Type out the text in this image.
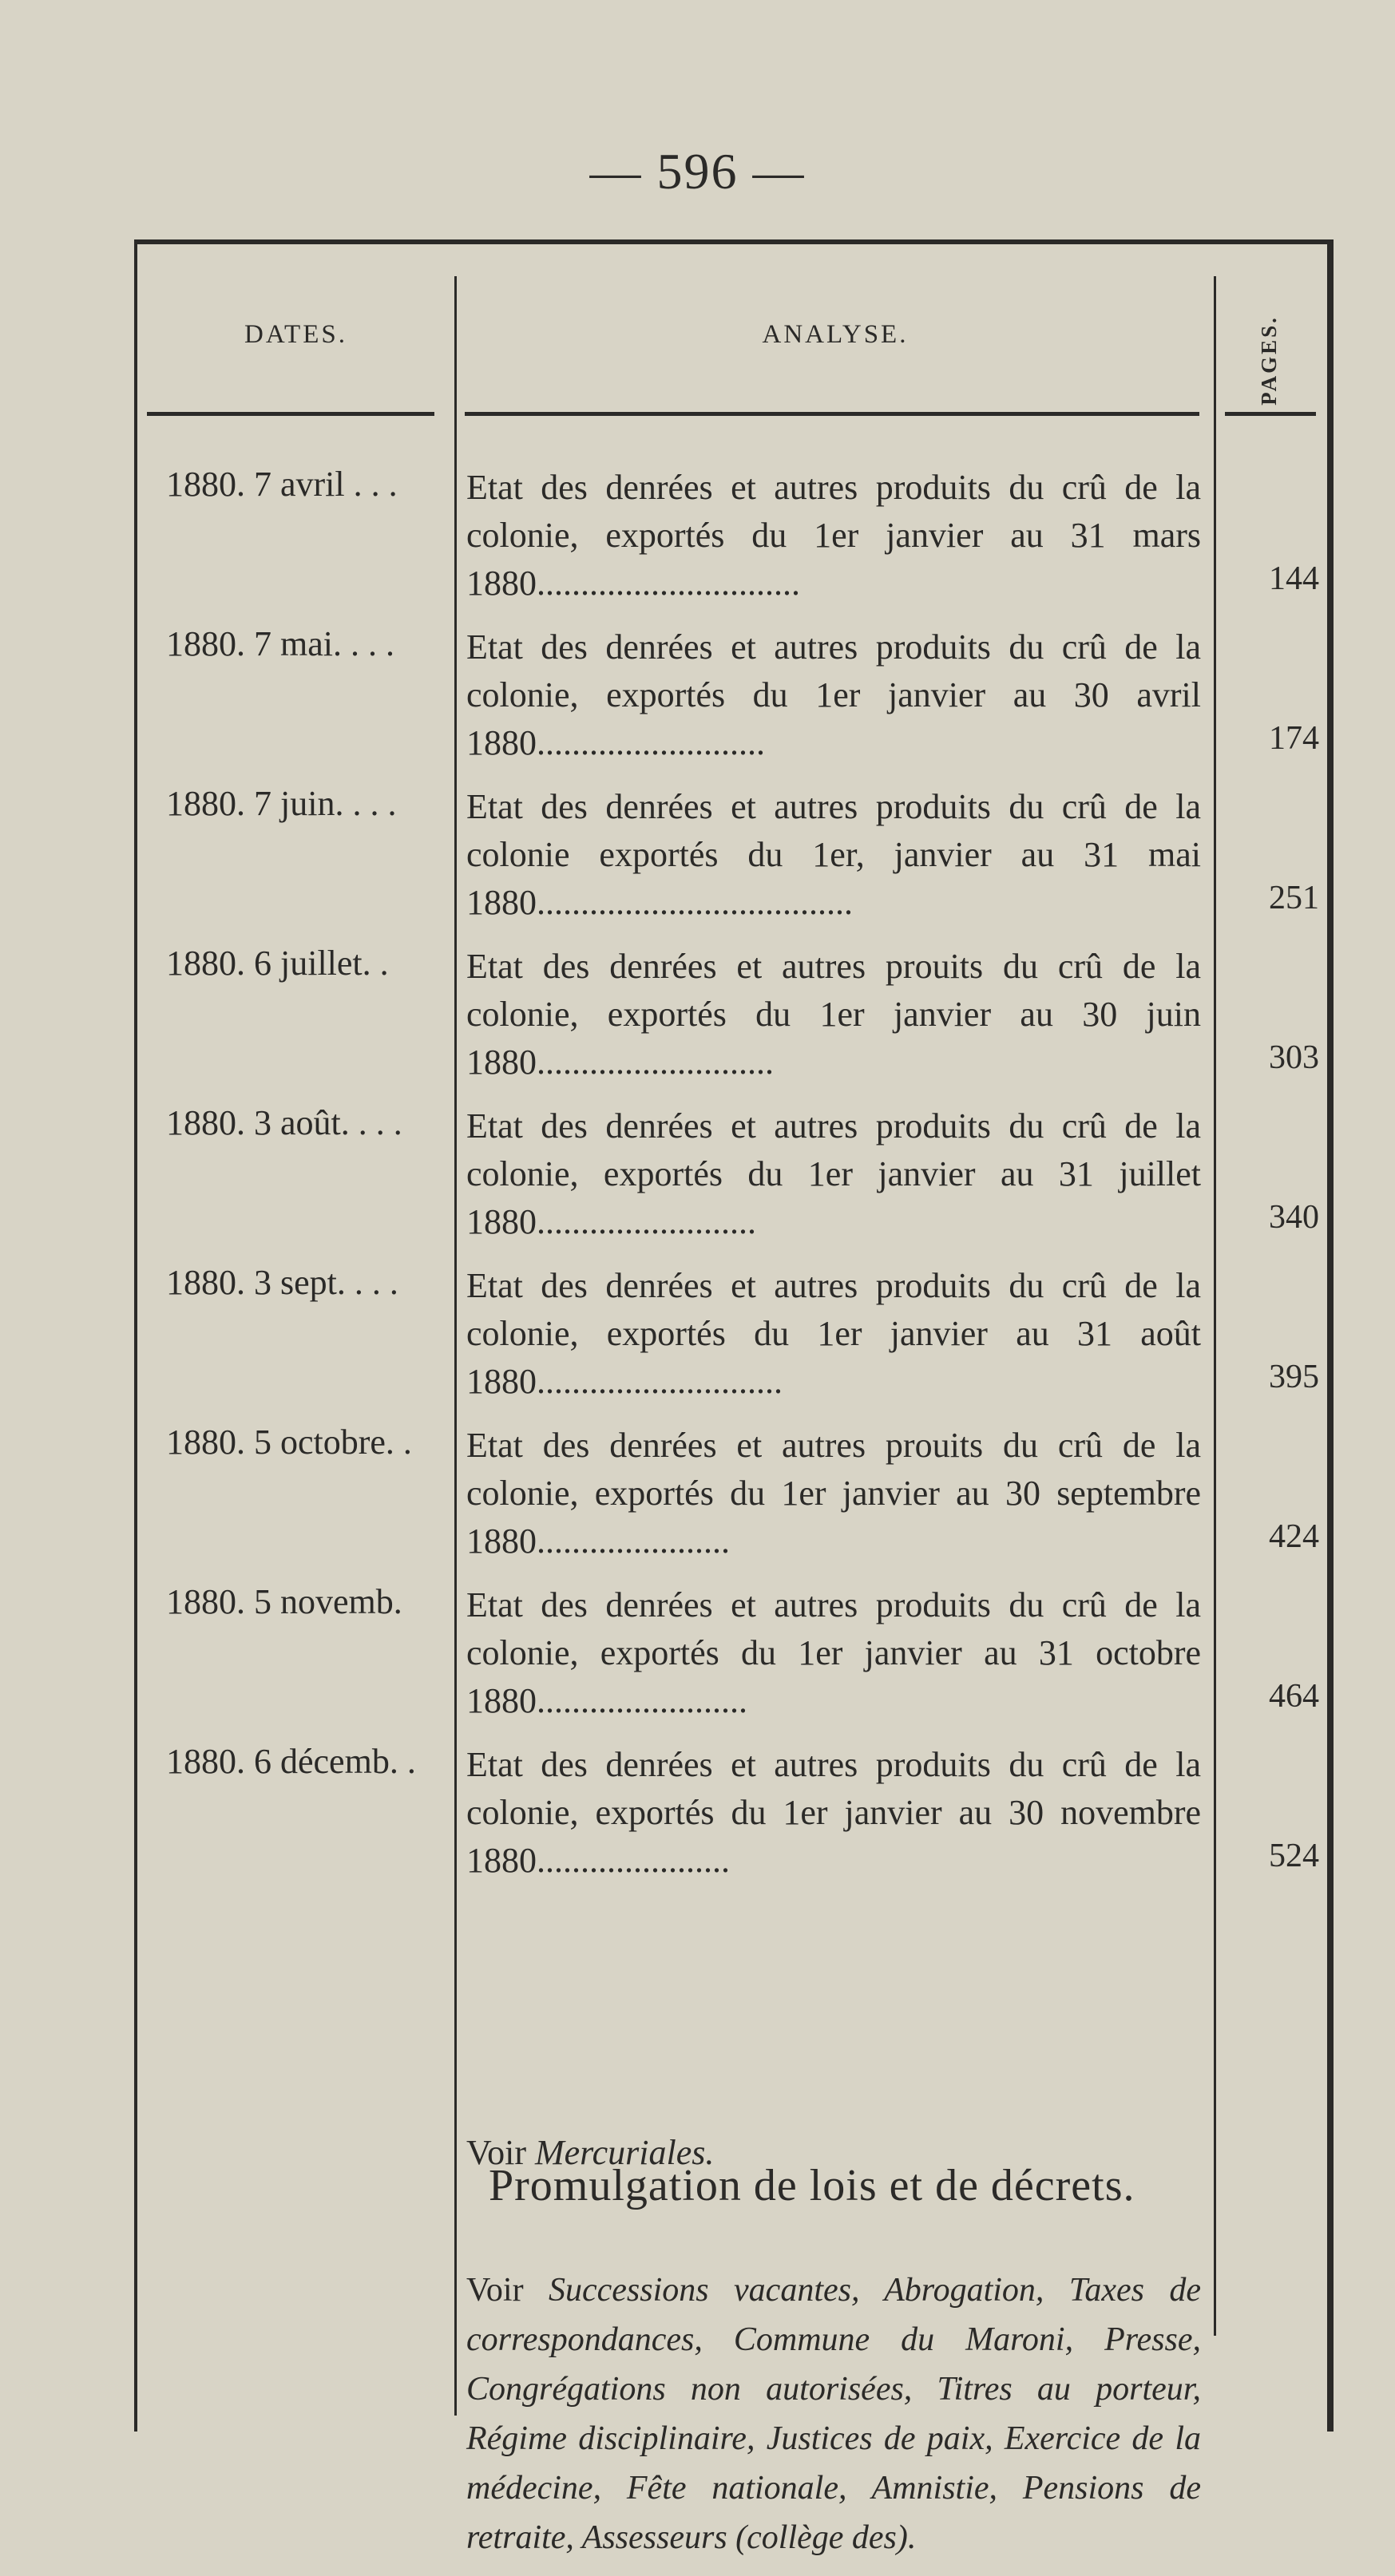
— 596 —
DATES.	ANALYSE.	PAGES.
1880. 7 avril . . . Etat des denrées et autres produits du crû de la colonie, exportés du 1er janvier au 31 mars 1880..............................	144
1880. 7 mai. . . . Etat des denrées et autres produits du crû de la colonie, exportés du 1er janvier au 30 avril 1880..........................	174
1880. 7 juin. . . . Etat des denrées et autres produits du crû de la colonie exportés du 1er, janvier au 31 mai 1880....................................	251
1880. 6 juillet. . Etat des denrées et autres prouits du crû de la colonie, exportés du 1er janvier au 30 juin 1880...........................	303
1880. 3 août. . . . Etat des denrées et autres produits du crû de la colonie, exportés du 1er janvier au 31 juillet 1880.........................	340
1880. 3 sept. . . . Etat des denrées et autres produits du crû de la colonie, exportés du 1er janvier au 31 août 1880............................	395
1880. 5 octobre. . Etat des denrées et autres prouits du crû de la colonie, exportés du 1er janvier au 30 septembre 1880......................	424
1880. 5 novemb. Etat des denrées et autres produits du crû de la colonie, exportés du 1er janvier au 31 octobre 1880........................	464
1880. 6 décemb. . Etat des denrées et autres produits du crû de la colonie, exportés du 1er janvier au 30 novembre 1880......................	524
Voir Mercuriales.
Promulgation de lois et de décrets.
Voir Successions vacantes, Abrogation, Taxes de correspondances, Commune du Maroni, Presse, Congrégations non autorisées, Titres au porteur, Régime disciplinaire, Justices de paix, Exercice de la médecine, Fête nationale, Amnistie, Pensions de retraite, Assesseurs (collège des).
